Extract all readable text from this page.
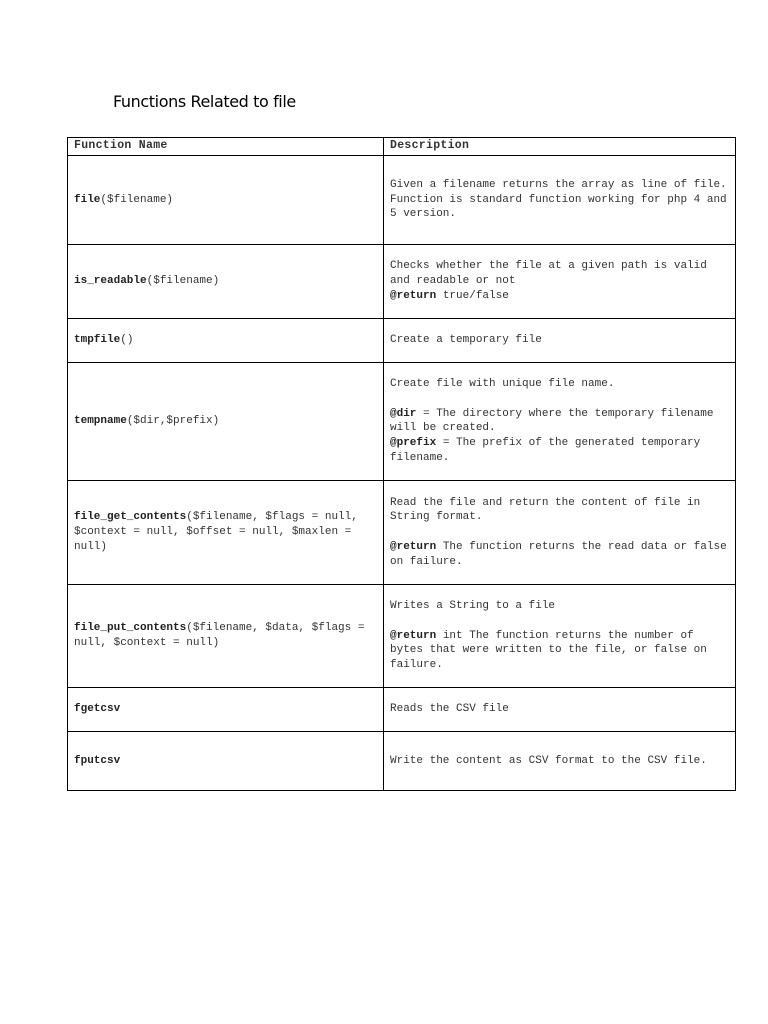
Functions Related to file
Function Name	Description
file($filename)	Given a filename returns the array as line of file.

Function is standard function working for php 4 and 5 version.

is_readable($filename)	Checks whether the file at a given path is valid and readable or not

@return true/false

tmpfile()	Create a temporary file

tempname($dir,$prefix)	Create file with unique file name.

@dir = The directory where the temporary filename will be created.

@prefix = The prefix of the generated temporary filename.

file_get_contents($filename, $flags = null, $context = null, $offset = null, $maxlen = null)	Read the file and return the content of file in String format.

@return The function returns the read data or false on failure.

file_put_contents($filename, $data, $flags = null, $context = null)	Writes a String to a file

@return int The function returns the number of bytes that were written to the file, or false on failure.

fgetcsv	Reads the CSV file

fputcsv	Write the content as CSV format to the CSV file.
